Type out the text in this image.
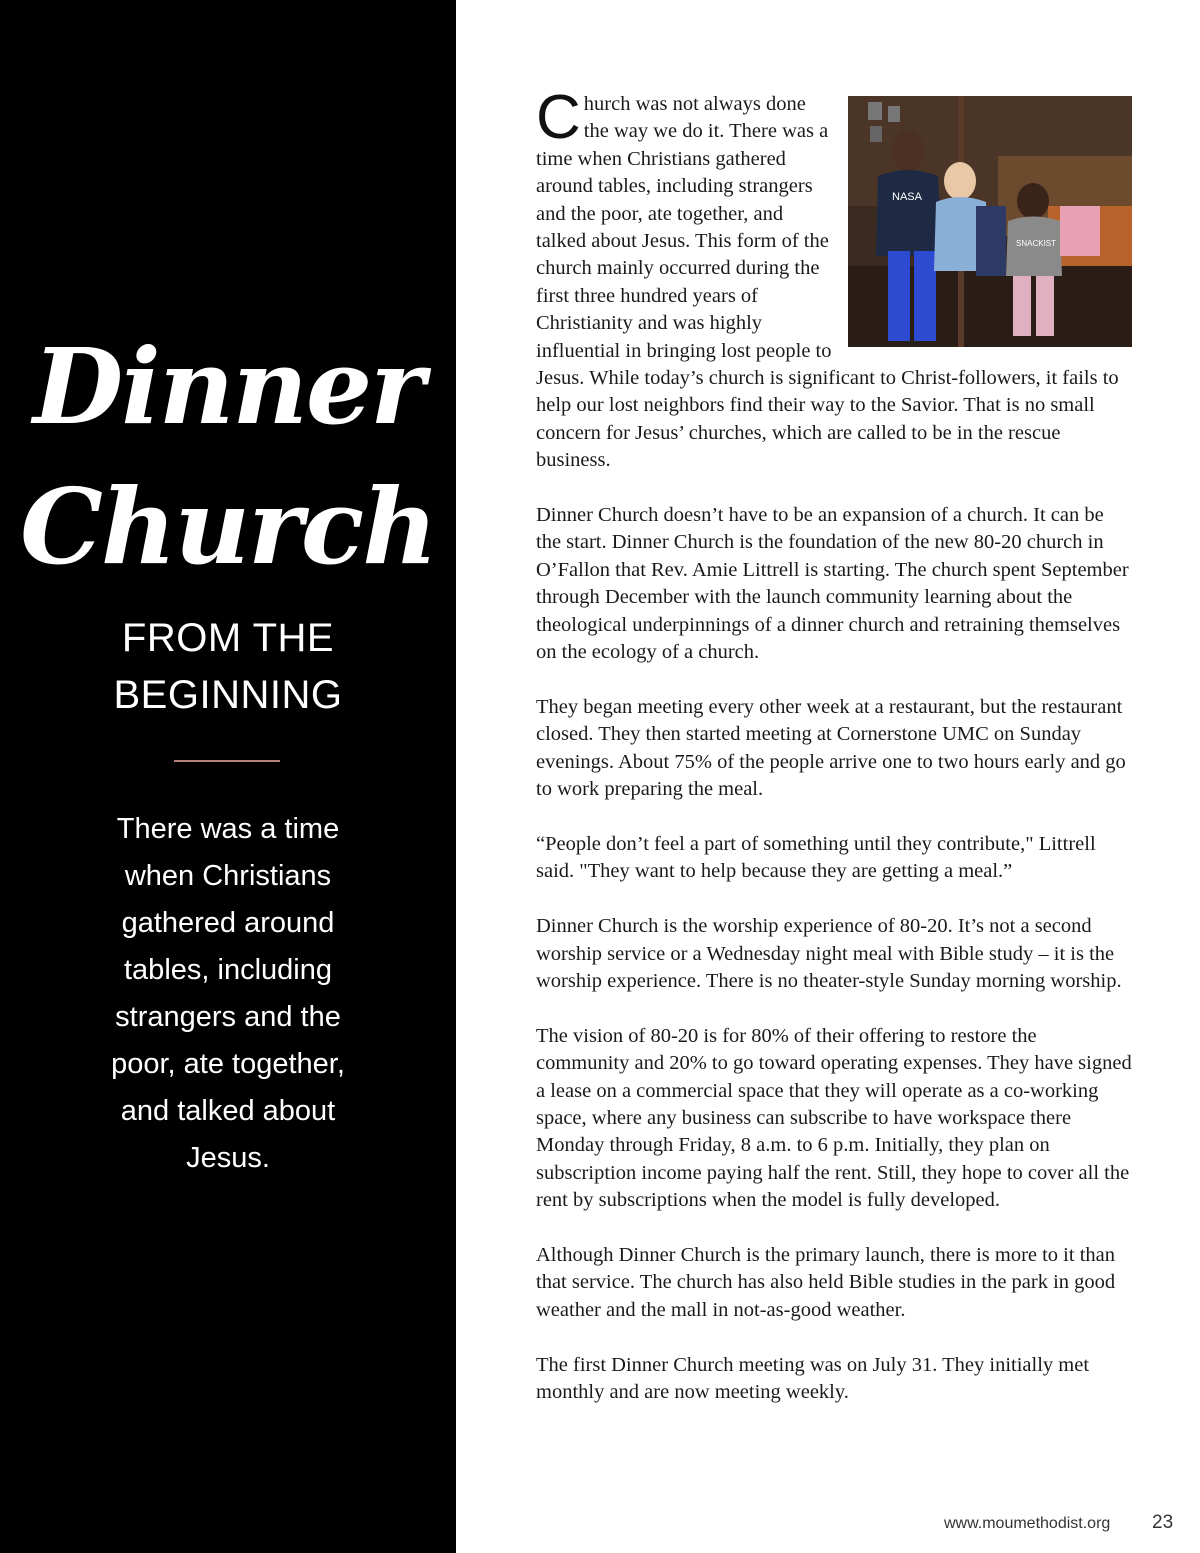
Dinner
Church
FROM THE BEGINNING
There was a time when Christians gathered around tables, including strangers and the poor, ate together, and talked about Jesus.
NASA
SNACKIST

Church was not always done the way we do it. There was a time when Christians gathered around tables, including strangers and the poor, ate together, and talked about Jesus. This form of the church mainly occurred during the first three hundred years of Christianity and was highly influential in bringing lost people to Jesus. While today’s church is significant to Christ-followers, it fails to help our lost neighbors find their way to the Savior. That is no small concern for Jesus’ churches, which are called to be in the rescue business.

Dinner Church doesn’t have to be an expansion of a church. It can be the start. Dinner Church is the foundation of the new 80-20 church in O’Fallon that Rev. Amie Littrell is starting. The church spent September through December with the launch community learning about the theological underpinnings of a dinner church and retraining themselves on the ecology of a church.

They began meeting every other week at a restaurant, but the restaurant closed. They then started meeting at Cornerstone UMC on Sunday evenings. About 75% of the people arrive one to two hours early and go to work preparing the meal.

“People don’t feel a part of something until they contribute," Littrell said. "They want to help because they are getting a meal.”

Dinner Church is the worship experience of 80-20. It’s not a second worship service or a Wednesday night meal with Bible study – it is the worship experience. There is no theater-style Sunday morning worship.

The vision of 80-20 is for 80% of their offering to restore the community and 20% to go toward operating expenses. They have signed a lease on a commercial space that they will operate as a co-working space, where any business can subscribe to have workspace there Monday through Friday, 8 a.m. to 6 p.m. Initially, they plan on subscription income paying half the rent. Still, they hope to cover all the rent by subscriptions when the model is fully developed.

Although Dinner Church is the primary launch, there is more to it than that service. The church has also held Bible studies in the park in good weather and the mall in not-as-good weather.

The first Dinner Church meeting was on July 31. They initially met monthly and are now meeting weekly.

www.moumethodist.org 23
